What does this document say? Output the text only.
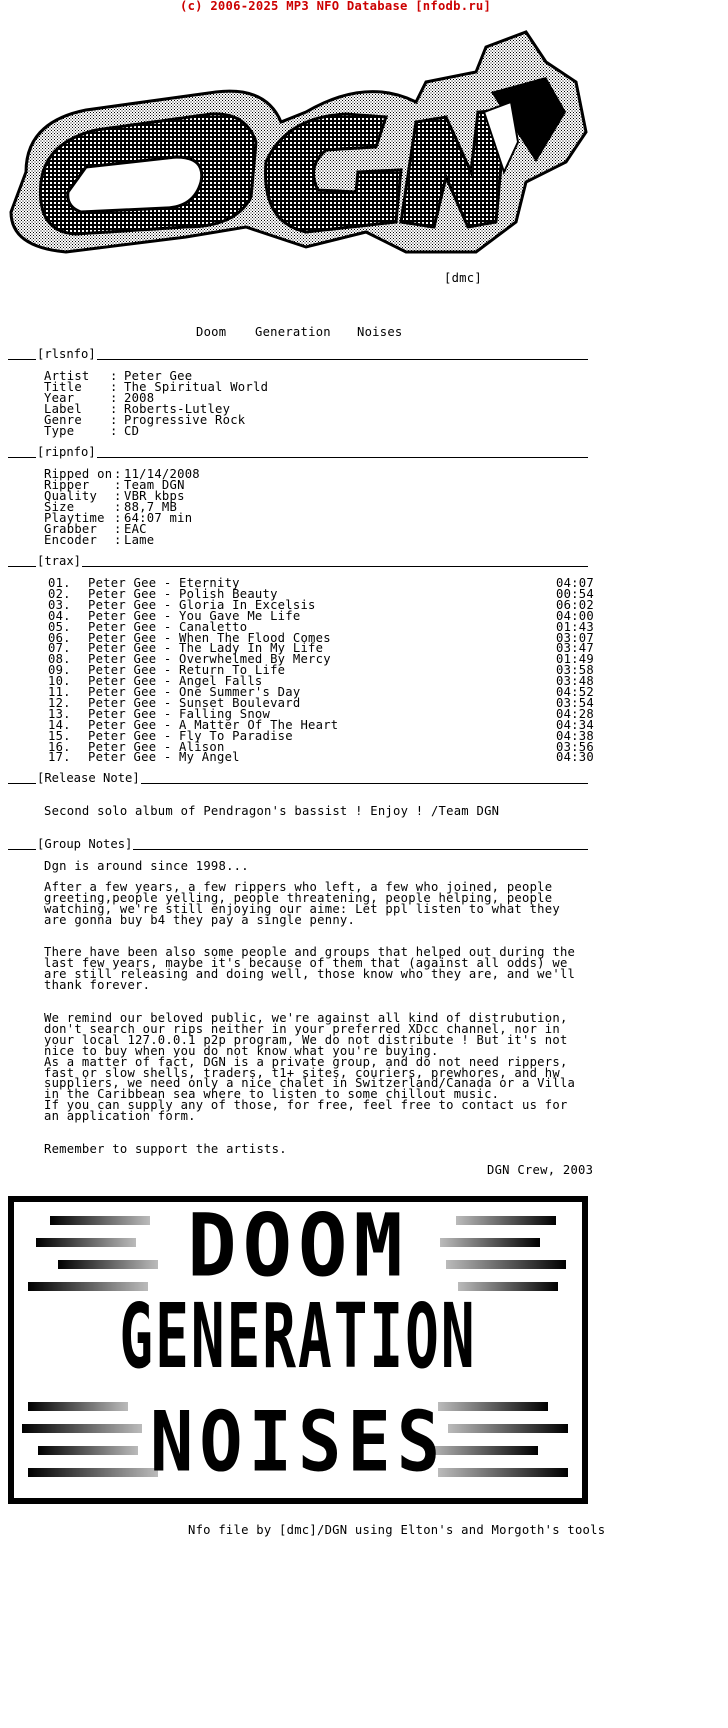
(c) 2006-2025 MP3 NFO Database [nfodb.ru]
[dmc]
Doom Generation Noises
[rlsnfo]
Artist : Peter Gee
Title : The Spiritual World
Year	: 2008
Label : Roberts-Lutley
Genre : Progressive Rock
Type	: CD
[ripnfo]
Ripped on : 11/14/2008
Ripper : Team DGN
Quality : VBR kbps
Size	: 88,7 MB
Playtime : 64:07 min
Grabber : EAC
Encoder : Lame
[trax]
01. Peter Gee - Eternity	04:07
02. Peter Gee - Polish Beauty	00:54
03. Peter Gee - Gloria In Excelsis	06:02
04. Peter Gee - You Gave Me Life	04:00
05. Peter Gee - Canaletto	01:43
06. Peter Gee - When The Flood Comes	03:07
07. Peter Gee - The Lady In My Life	03:47
08. Peter Gee - Overwhelmed By Mercy	01:49
09. Peter Gee - Return To Life	03:58
10. Peter Gee - Angel Falls	03:48
11. Peter Gee - One Summer's Day	04:52
12. Peter Gee - Sunset Boulevard	03:54
13. Peter Gee - Falling Snow	04:28
14. Peter Gee - A Matter Of The Heart	04:34
15. Peter Gee - Fly To Paradise	04:38
16. Peter Gee - Alison	03:56
17. Peter Gee - My Angel	04:30
[Release Note]
Second solo album of Pendragon's bassist ! Enjoy ! /Team DGN
[Group Notes]
Dgn is around since 1998...
After a few years, a few rippers who left, a few who joined, people
greeting,people yelling, people threatening, people helping, people
watching, we're still enjoying our aime: Let ppl listen to what they
are gonna buy b4 they pay a single penny.
There have been also some people and groups that helped out during the
last few years, maybe it's because of them that (against all odds) we
are still releasing and doing well, those know who they are, and we'll
thank forever.
We remind our beloved public, we're against all kind of distrubution,
don't search our rips neither in your preferred XDcc channel, nor in
your local 127.0.0.1 p2p program, We do not distribute ! But it's not
nice to buy when you do not know what you're buying.
As a matter of fact, DGN is a private group, and do not need rippers,
fast or slow shells, traders, t1+ sites, couriers, prewhores, and hw
suppliers, we need only a nice chalet in Switzerland/Canada or a Villa
in the Caribbean sea where to listen to some chillout music.
If you can supply any of those, for free, feel free to contact us for
an application form.
Remember to support the artists.
DGN Crew, 2003
DOOM
GENERATION
NOISES
Nfo file by [dmc]/DGN using Elton's and Morgoth's tools
